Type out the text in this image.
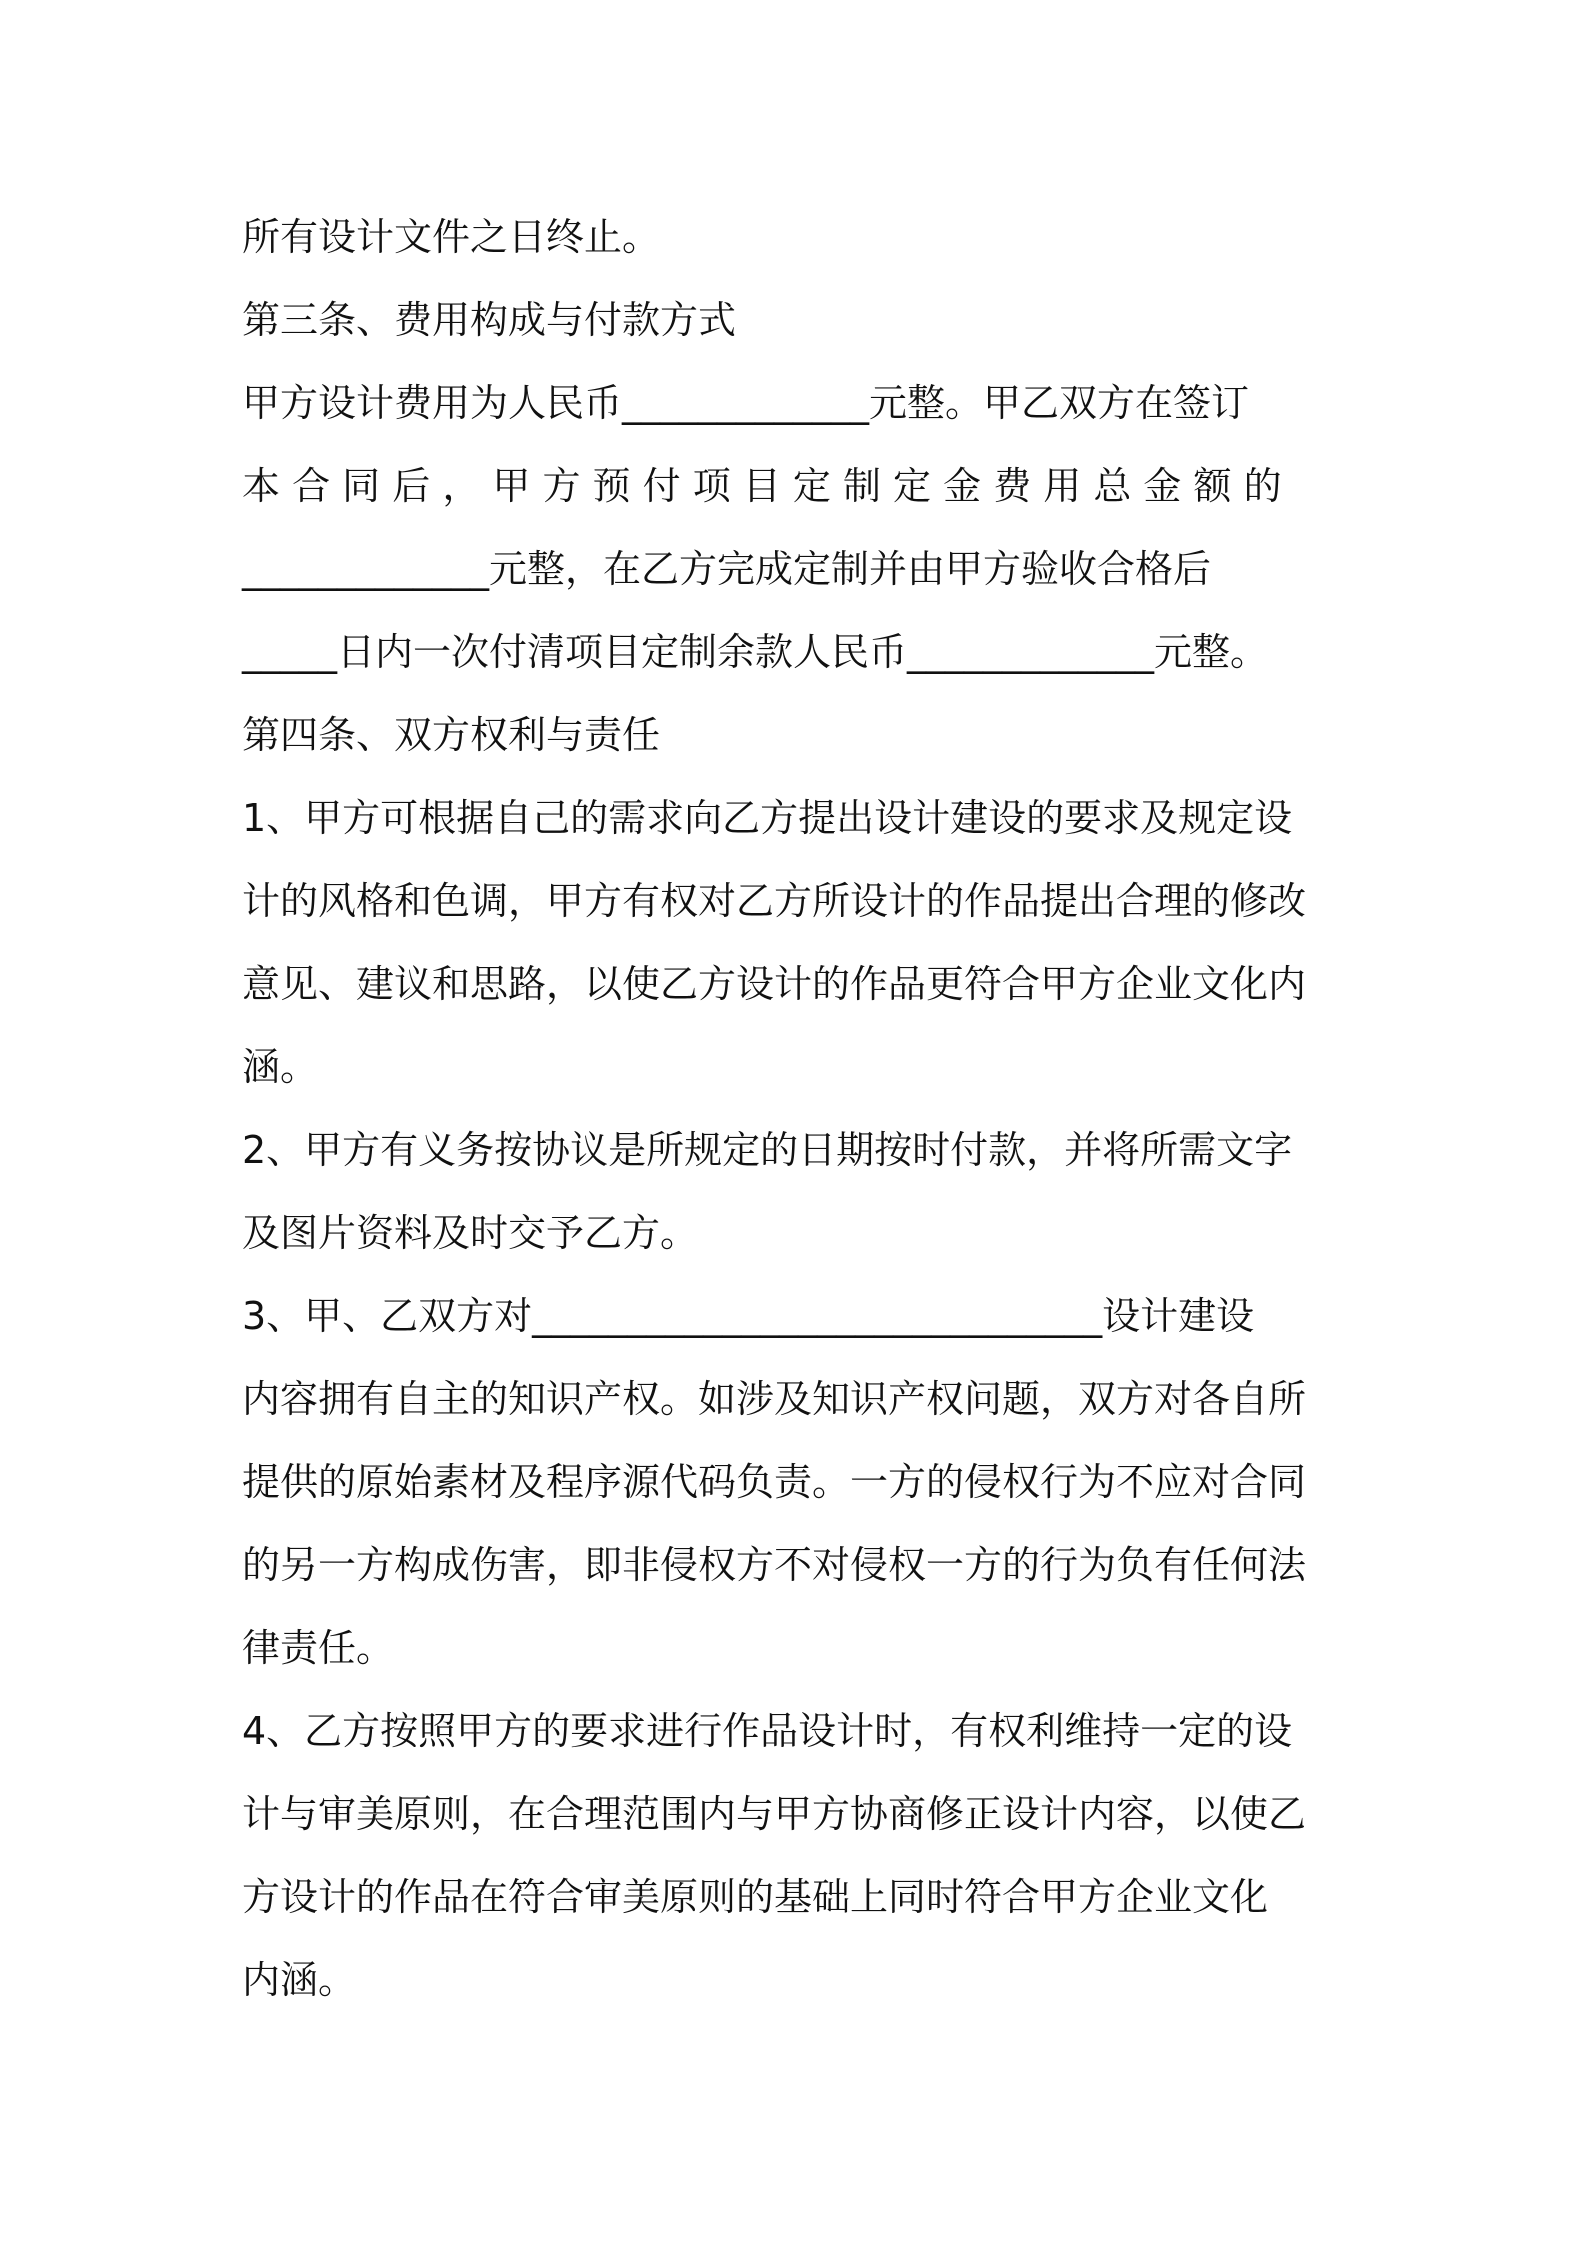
所有设计文件之日终止。
第三条、费用构成与付款方式
甲方设计费用为人民币_____________元整。甲乙双方在签订
本 合 同 后 ， 甲 方 预 付 项 目 定 制 定 金 费 用 总 金 额 的
_____________元整，在乙方完成定制并由甲方验收合格后
_____日内一次付清项目定制余款人民币_____________元整。
第四条、双方权利与责任
1、甲方可根据自己的需求向乙方提出设计建设的要求及规定设
计的风格和色调，甲方有权对乙方所设计的作品提出合理的修改
意见、建议和思路，以使乙方设计的作品更符合甲方企业文化内
涵。
2、甲方有义务按协议是所规定的日期按时付款，并将所需文字
及图片资料及时交予乙方。
3、甲、乙双方对______________________________设计建设
内容拥有自主的知识产权。如涉及知识产权问题，双方对各自所
提供的原始素材及程序源代码负责。一方的侵权行为不应对合同
的另一方构成伤害，即非侵权方不对侵权一方的行为负有任何法
律责任。
4、乙方按照甲方的要求进行作品设计时，有权利维持一定的设
计与审美原则，在合理范围内与甲方协商修正设计内容，以使乙
方设计的作品在符合审美原则的基础上同时符合甲方企业文化
内涵。
